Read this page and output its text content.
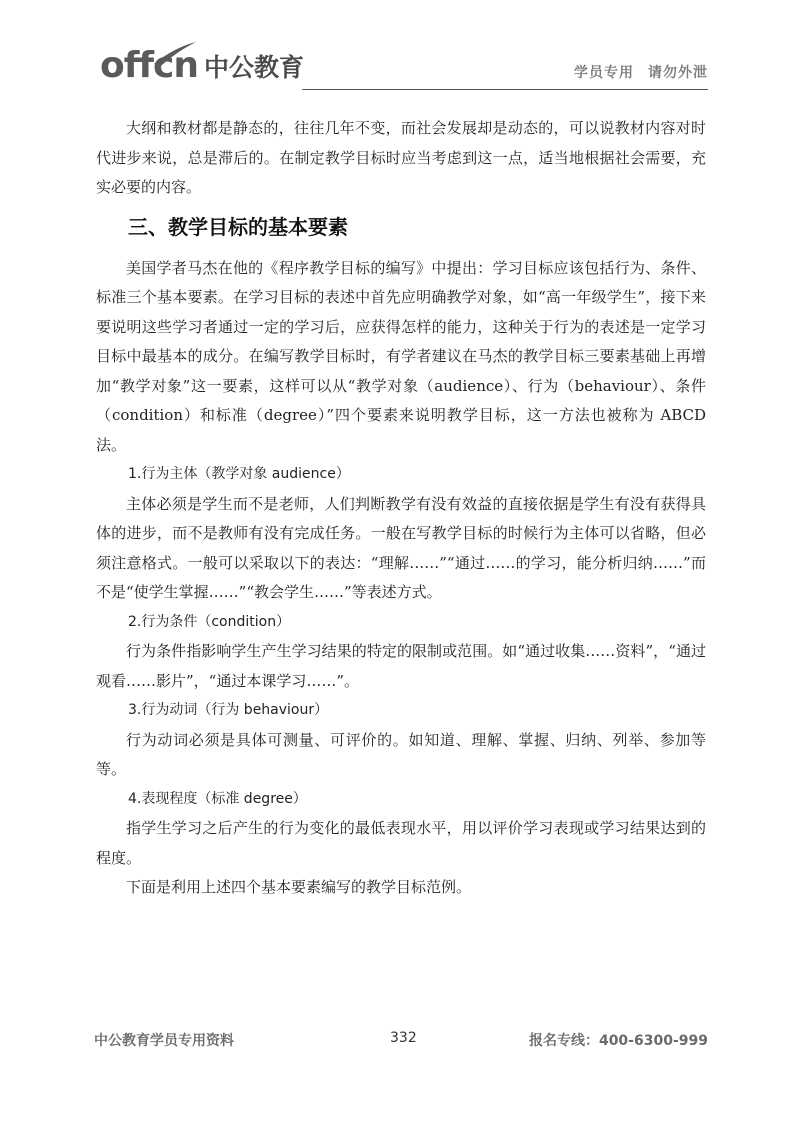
offcn 中公教育	学员专用 请勿外泄

大纲和教材都是静态的，往往几年不变，而社会发展却是动态的，可以说教材内容对时代进步来说，总是滞后的。在制定教学目标时应当考虑到这一点，适当地根据社会需要，充实必要的内容。

三、教学目标的基本要素

美国学者马杰在他的《程序教学目标的编写》中提出：学习目标应该包括行为、条件、标准三个基本要素。在学习目标的表述中首先应明确教学对象，如“高一年级学生”，接下来要说明这些学习者通过一定的学习后，应获得怎样的能力，这种关于行为的表述是一定学习目标中最基本的成分。在编写教学目标时，有学者建议在马杰的教学目标三要素基础上再增加“教学对象”这一要素，这样可以从“教学对象（audience）、行为（behaviour）、条件（condition）和标准（degree）”四个要素来说明教学目标，这一方法也被称为 ABCD 法。

1.行为主体（教学对象 audience）

主体必须是学生而不是老师，人们判断教学有没有效益的直接依据是学生有没有获得具体的进步，而不是教师有没有完成任务。一般在写教学目标的时候行为主体可以省略，但必须注意格式。一般可以采取以下的表达：“理解……”“通过……的学习，能分析归纳……”而不是“使学生掌握……”“教会学生……”等表述方式。

2.行为条件（condition）

行为条件指影响学生产生学习结果的特定的限制或范围。如“通过收集……资料”，“通过观看……影片”，“通过本课学习……”。

3.行为动词（行为 behaviour）

行为动词必须是具体可测量、可评价的。如知道、理解、掌握、归纳、列举、参加等等。

4.表现程度（标准 degree）

指学生学习之后产生的行为变化的最低表现水平，用以评价学习表现或学习结果达到的程度。

下面是利用上述四个基本要素编写的教学目标范例。

中公教育学员专用资料	332	报名专线：400-6300-999
